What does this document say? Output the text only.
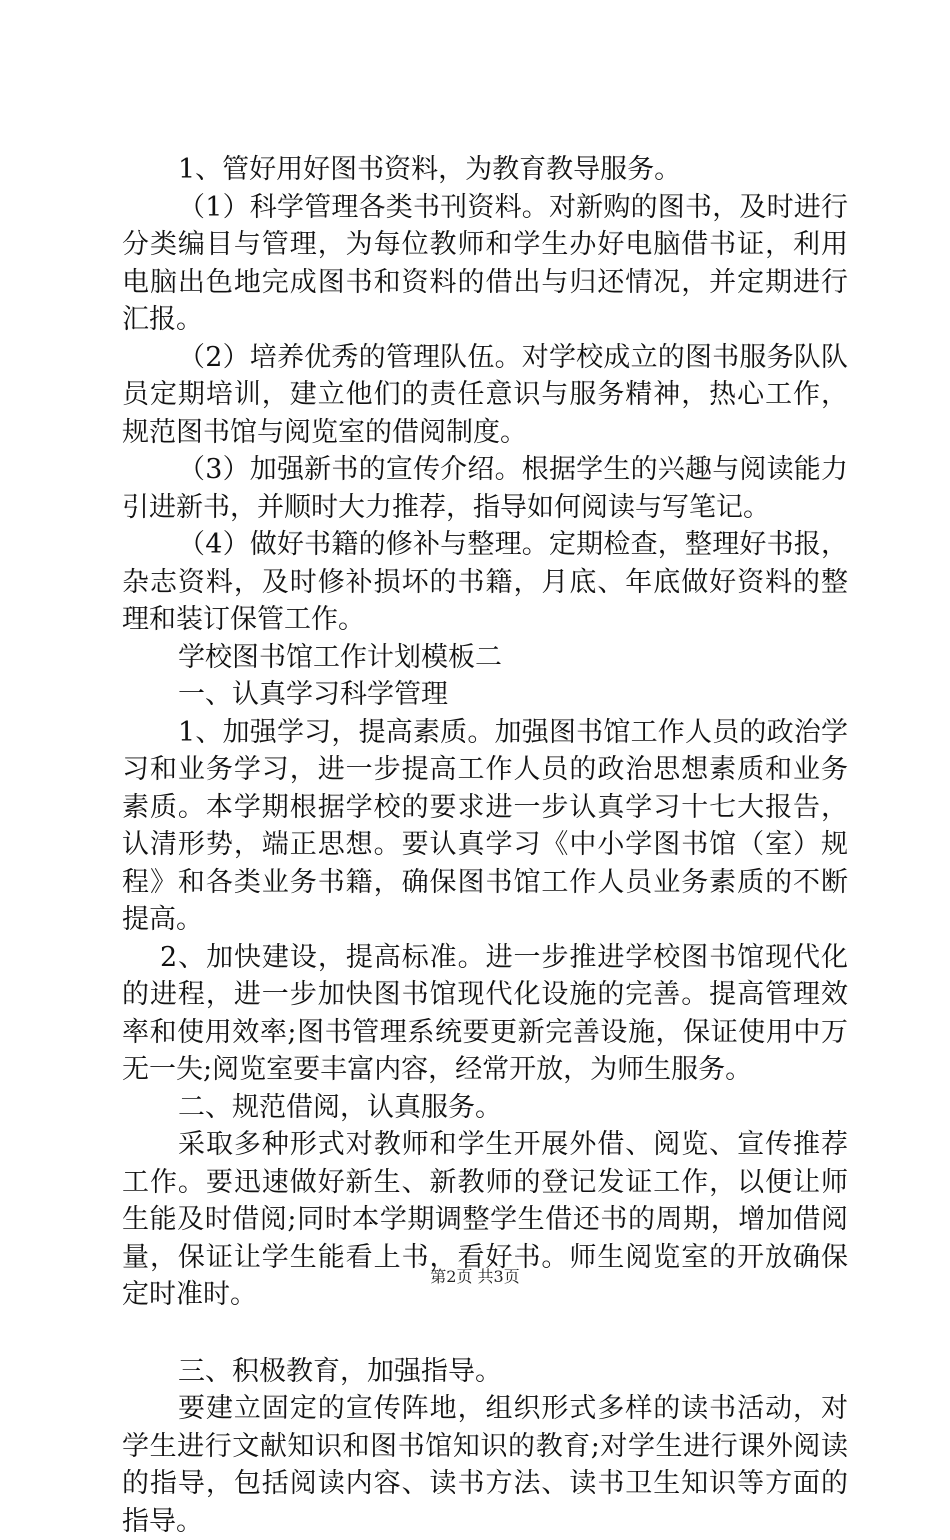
1、管好用好图书资料，为教育教导服务。

（1）科学管理各类书刊资料。对新购的图书，及时进行分类编目与管理，为每位教师和学生办好电脑借书证，利用电脑出色地完成图书和资料的借出与归还情况，并定期进行汇报。

（2）培养优秀的管理队伍。对学校成立的图书服务队队员定期培训，建立他们的责任意识与服务精神，热心工作，规范图书馆与阅览室的借阅制度。

（3）加强新书的宣传介绍。根据学生的兴趣与阅读能力引进新书，并顺时大力推荐，指导如何阅读与写笔记。

（4）做好书籍的修补与整理。定期检查，整理好书报，杂志资料，及时修补损坏的书籍，月底、年底做好资料的整理和装订保管工作。

学校图书馆工作计划模板二

一、认真学习科学管理

1、加强学习，提高素质。加强图书馆工作人员的政治学习和业务学习，进一步提高工作人员的政治思想素质和业务素质。本学期根据学校的要求进一步认真学习十七大报告，认清形势，端正思想。要认真学习《中小学图书馆（室）规程》和各类业务书籍，确保图书馆工作人员业务素质的不断提高。

2、加快建设，提高标准。进一步推进学校图书馆现代化的进程，进一步加快图书馆现代化设施的完善。提高管理效率和使用效率;图书管理系统要更新完善设施，保证使用中万无一失;阅览室要丰富内容，经常开放，为师生服务。

二、规范借阅，认真服务。

采取多种形式对教师和学生开展外借、阅览、宣传推荐工作。要迅速做好新生、新教师的登记发证工作，以便让师生能及时借阅;同时本学期调整学生借还书的周期，增加借阅量，保证让学生能看上书，看好书。师生阅览室的开放确保定时准时。

三、积极教育，加强指导。

要建立固定的宣传阵地，组织形式多样的读书活动，对学生进行文献知识和图书馆知识的教育;对学生进行课外阅读的指导，包括阅读内容、读书方法、读书卫生知识等方面的指导。

第2页 共3页
